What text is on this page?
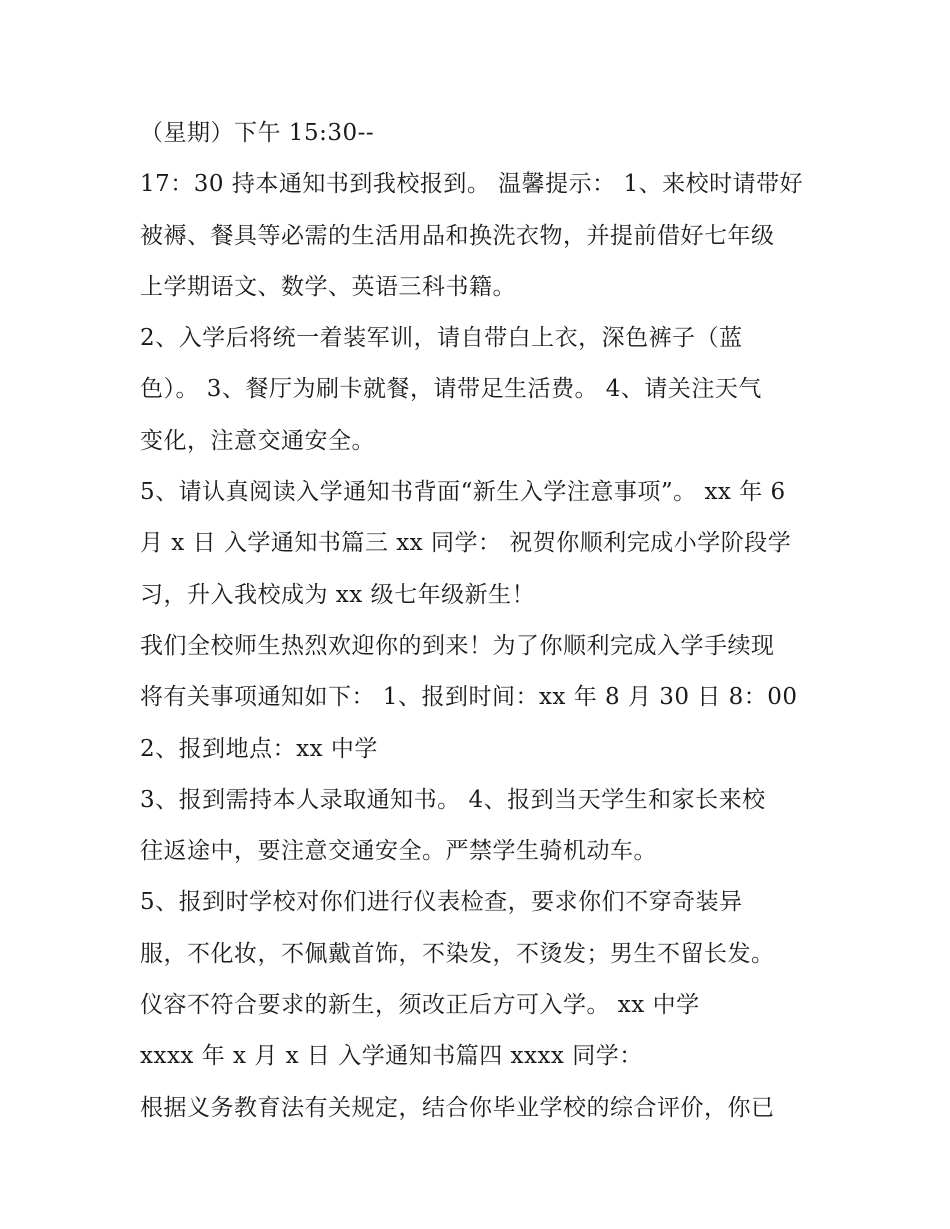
（星期）下午 15:30--
17：30 持本通知书到我校报到。 温馨提示： 1、来校时请带好
被褥、餐具等必需的生活用品和换洗衣物，并提前借好七年级
上学期语文、数学、英语三科书籍。
2、入学后将统一着装军训，请自带白上衣，深色裤子（蓝
色）。 3、餐厅为刷卡就餐，请带足生活费。 4、请关注天气
变化，注意交通安全。
5、请认真阅读入学通知书背面“新生入学注意事项”。 xx 年 6
月 x 日 入学通知书篇三 xx 同学： 祝贺你顺利完成小学阶段学
习，升入我校成为 xx 级七年级新生！
我们全校师生热烈欢迎你的到来！为了你顺利完成入学手续现
将有关事项通知如下： 1、报到时间：xx 年 8 月 30 日 8：00
2、报到地点：xx 中学
3、报到需持本人录取通知书。 4、报到当天学生和家长来校
往返途中，要注意交通安全。严禁学生骑机动车。
5、报到时学校对你们进行仪表检查，要求你们不穿奇装异
服，不化妆，不佩戴首饰，不染发，不烫发；男生不留长发。
仪容不符合要求的新生，须改正后方可入学。 xx 中学
xxxx 年 x 月 x 日 入学通知书篇四 xxxx 同学：
根据义务教育法有关规定，结合你毕业学校的综合评价，你已
